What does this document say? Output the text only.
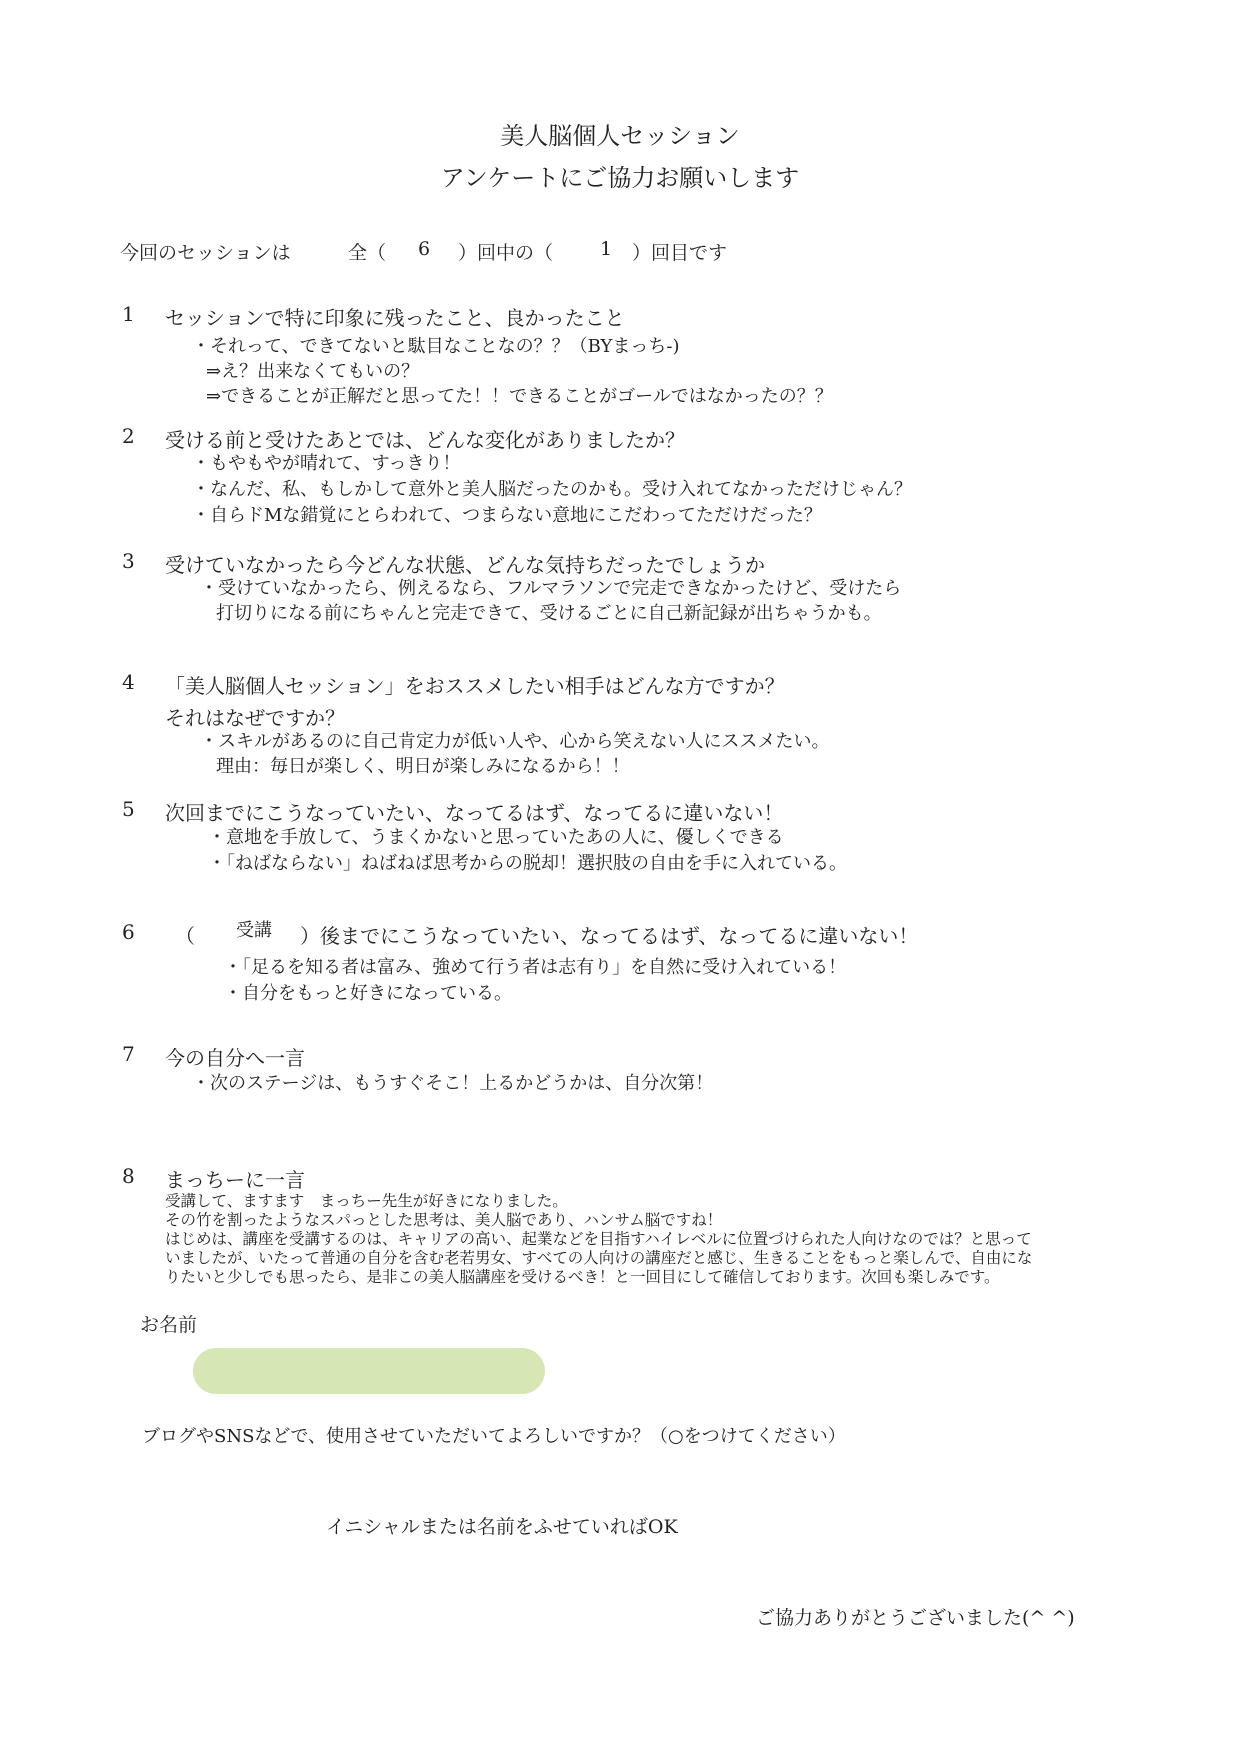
美人脳個人セッション
アンケートにご協力お願いします
今回のセッションは	全（ 6 ）回中の（ 1 ）回目です
1 セッションで特に印象に残ったこと、良かったこと
・それって、できてないと駄目なことなの？？（BYまっち-)
⇒え？出来なくてもいの？
⇒できることが正解だと思ってた！！できることがゴールではなかったの？？
2 受ける前と受けたあとでは、どんな変化がありましたか？
・もやもやが晴れて、すっきり！
・なんだ、私、もしかして意外と美人脳だったのかも。受け入れてなかっただけじゃん？
・自らドMな錯覚にとらわれて、つまらない意地にこだわってただけだった？
3 受けていなかったら今どんな状態、どんな気持ちだったでしょうか
・受けていなかったら、例えるなら、フルマラソンで完走できなかったけど、受けたら
打切りになる前にちゃんと完走できて、受けるごとに自己新記録が出ちゃうかも。
4 「美人脳個人セッション」をおススメしたい相手はどんな方ですか？
それはなぜですか？
・スキルがあるのに自己肯定力が低い人や、心から笑えない人にススメたい。
理由：毎日が楽しく、明日が楽しみになるから！！
5 次回までにこうなっていたい、なってるはず、なってるに違いない！
・意地を手放して、うまくかないと思っていたあの人に、優しくできる
・「ねばならない」ねばねば思考からの脱却！選択肢の自由を手に入れている。
6 （ 受講 ）後までにこうなっていたい、なってるはず、なってるに違いない！
・「足るを知る者は富み、強めて行う者は志有り」を自然に受け入れている！
・自分をもっと好きになっている。
7 今の自分へ一言
・次のステージは、もうすぐそこ！上るかどうかは、自分次第！
8 まっちーに一言
受講して、ますます　まっちー先生が好きになりました。
その竹を割ったようなスパっとした思考は、美人脳であり、ハンサム脳ですね！
はじめは、講座を受講するのは、キャリアの高い、起業などを目指すハイレベルに位置づけられた人向けなのでは？と思って
いましたが、いたって普通の自分を含む老若男女、すべての人向けの講座だと感じ、生きることをもっと楽しんで、自由にな
りたいと少しでも思ったら、是非この美人脳講座を受けるべき！と一回目にして確信しております。次回も楽しみです。
お名前
ブログやSNSなどで、使用させていただいてよろしいですか？（○をつけてください）
イニシャルまたは名前をふせていればOK
ご協力ありがとうございました(^ ^)
